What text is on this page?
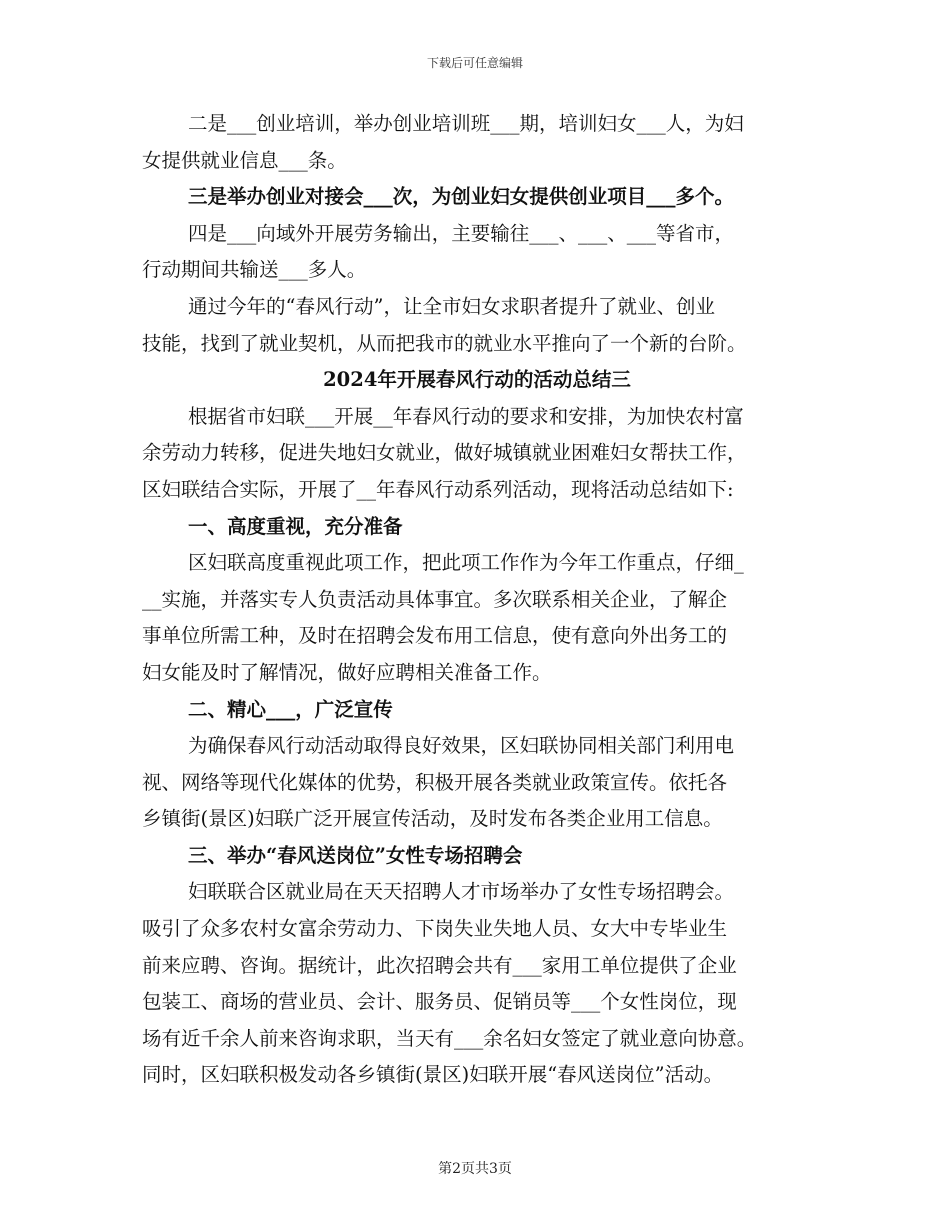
下载后可任意编辑
二是___创业培训，举办创业培训班___期，培训妇女___人，为妇
女提供就业信息___条。
三是举办创业对接会___次，为创业妇女提供创业项目___多个。
四是___向域外开展劳务输出，主要输往___、___、___等省市，
行动期间共输送___多人。
通过今年的“春风行动”，让全市妇女求职者提升了就业、创业
技能，找到了就业契机，从而把我市的就业水平推向了一个新的台阶。
2024年开展春风行动的活动总结三
根据省市妇联___开展__年春风行动的要求和安排，为加快农村富
余劳动力转移，促进失地妇女就业，做好城镇就业困难妇女帮扶工作，
区妇联结合实际，开展了__年春风行动系列活动，现将活动总结如下:
一、高度重视，充分准备
区妇联高度重视此项工作，把此项工作作为今年工作重点，仔细_
__实施，并落实专人负责活动具体事宜。多次联系相关企业，了解企
事单位所需工种，及时在招聘会发布用工信息，使有意向外出务工的
妇女能及时了解情况，做好应聘相关准备工作。
二、精心___，广泛宣传
为确保春风行动活动取得良好效果，区妇联协同相关部门利用电
视、网络等现代化媒体的优势，积极开展各类就业政策宣传。依托各
乡镇街(景区)妇联广泛开展宣传活动，及时发布各类企业用工信息。
三、举办“春风送岗位”女性专场招聘会
妇联联合区就业局在天天招聘人才市场举办了女性专场招聘会。
吸引了众多农村女富余劳动力、下岗失业失地人员、女大中专毕业生
前来应聘、咨询。据统计，此次招聘会共有___家用工单位提供了企业
包装工、商场的营业员、会计、服务员、促销员等___个女性岗位，现
场有近千余人前来咨询求职，当天有___余名妇女签定了就业意向协意。
同时，区妇联积极发动各乡镇街(景区)妇联开展“春风送岗位”活动。
第2页共3页
